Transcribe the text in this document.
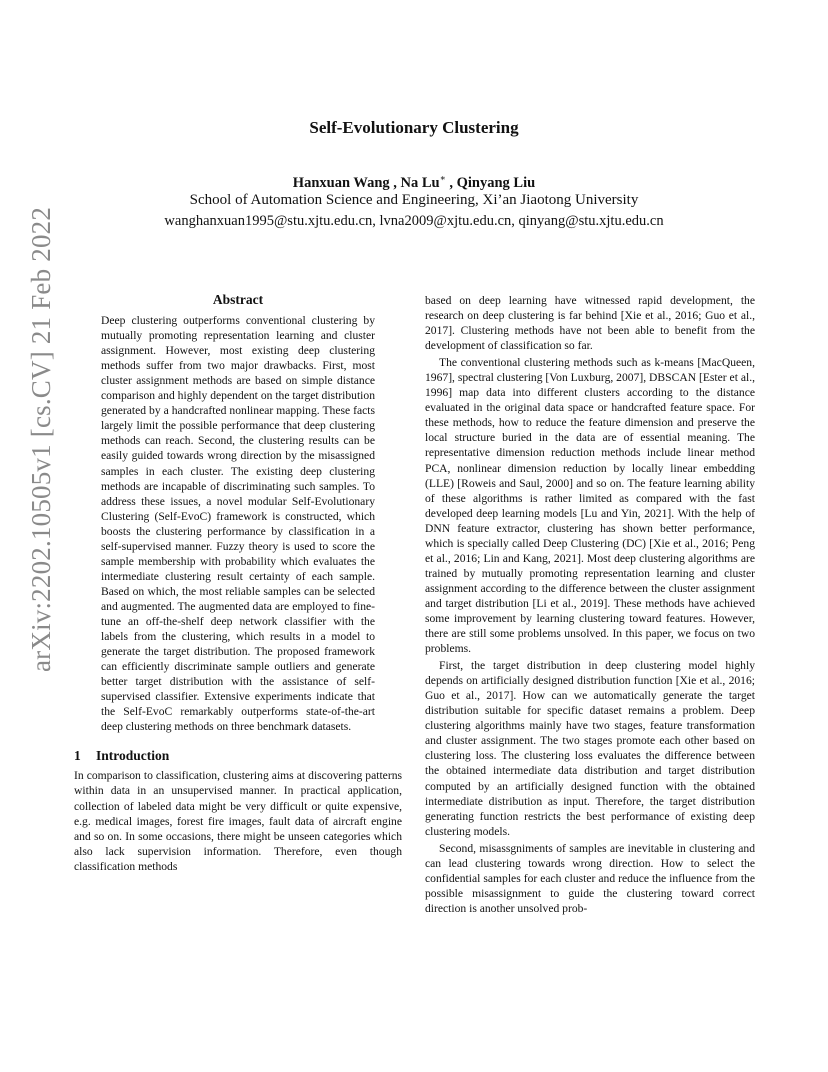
arXiv:2202.10505v1 [cs.CV] 21 Feb 2022
Self-Evolutionary Clustering
Hanxuan Wang , Na Lu∗ , Qinyang Liu
School of Automation Science and Engineering, Xi’an Jiaotong University
wanghanxuan1995@stu.xjtu.edu.cn, lvna2009@xjtu.edu.cn, qinyang@stu.xjtu.edu.cn
Abstract

Deep clustering outperforms conventional clustering by mutually promoting representation learning and cluster assignment. However, most existing deep clustering methods suffer from two major drawbacks. First, most cluster assignment methods are based on simple distance comparison and highly dependent on the target distribution generated by a handcrafted nonlinear mapping. These facts largely limit the possible performance that deep clustering methods can reach. Second, the clustering results can be easily guided towards wrong direction by the misassigned samples in each cluster. The existing deep clustering methods are incapable of discriminating such samples. To address these issues, a novel modular Self-Evolutionary Clustering (Self-EvoC) framework is constructed, which boosts the clustering performance by classification in a self-supervised manner. Fuzzy theory is used to score the sample membership with probability which evaluates the intermediate clustering result certainty of each sample. Based on which, the most reliable samples can be selected and augmented. The augmented data are employed to fine-tune an off-the-shelf deep network classifier with the labels from the clustering, which results in a model to generate the target distribution. The proposed framework can efficiently discriminate sample outliers and generate better target distribution with the assistance of self-supervised classifier. Extensive experiments indicate that the Self-EvoC remarkably outperforms state-of-the-art deep clustering methods on three benchmark datasets.

1 Introduction

In comparison to classification, clustering aims at discovering patterns within data in an unsupervised manner. In practical application, collection of labeled data might be very difficult or quite expensive, e.g. medical images, forest fire images, fault data of aircraft engine and so on. In some occasions, there might be unseen categories which also lack supervision information. Therefore, even though classification methods

based on deep learning have witnessed rapid development, the research on deep clustering is far behind [Xie et al., 2016; Guo et al., 2017]. Clustering methods have not been able to benefit from the development of classification so far.

The conventional clustering methods such as k-means [MacQueen, 1967], spectral clustering [Von Luxburg, 2007], DBSCAN [Ester et al., 1996] map data into different clusters according to the distance evaluated in the original data space or handcrafted feature space. For these methods, how to reduce the feature dimension and preserve the local structure buried in the data are of essential meaning. The representative dimension reduction methods include linear method PCA, nonlinear dimension reduction by locally linear embedding (LLE) [Roweis and Saul, 2000] and so on. The feature learning ability of these algorithms is rather limited as compared with the fast developed deep learning models [Lu and Yin, 2021]. With the help of DNN feature extractor, clustering has shown better performance, which is specially called Deep Clustering (DC) [Xie et al., 2016; Peng et al., 2016; Lin and Kang, 2021]. Most deep clustering algorithms are trained by mutually promoting representation learning and cluster assignment according to the difference between the cluster assignment and target distribution [Li et al., 2019]. These methods have achieved some improvement by learning clustering toward features. However, there are still some problems unsolved. In this paper, we focus on two problems.

First, the target distribution in deep clustering model highly depends on artificially designed distribution function [Xie et al., 2016; Guo et al., 2017]. How can we automatically generate the target distribution suitable for specific dataset remains a problem. Deep clustering algorithms mainly have two stages, feature transformation and cluster assignment. The two stages promote each other based on clustering loss. The clustering loss evaluates the difference between the obtained intermediate data distribution and target distribution computed by an artificially designed function with the obtained intermediate distribution as input. Therefore, the target distribution generating function restricts the best performance of existing deep clustering models.

Second, misassgniments of samples are inevitable in clustering and can lead clustering towards wrong direction. How to select the confidential samples for each cluster and reduce the influence from the possible misassignment to guide the clustering toward correct direction is another unsolved prob-
